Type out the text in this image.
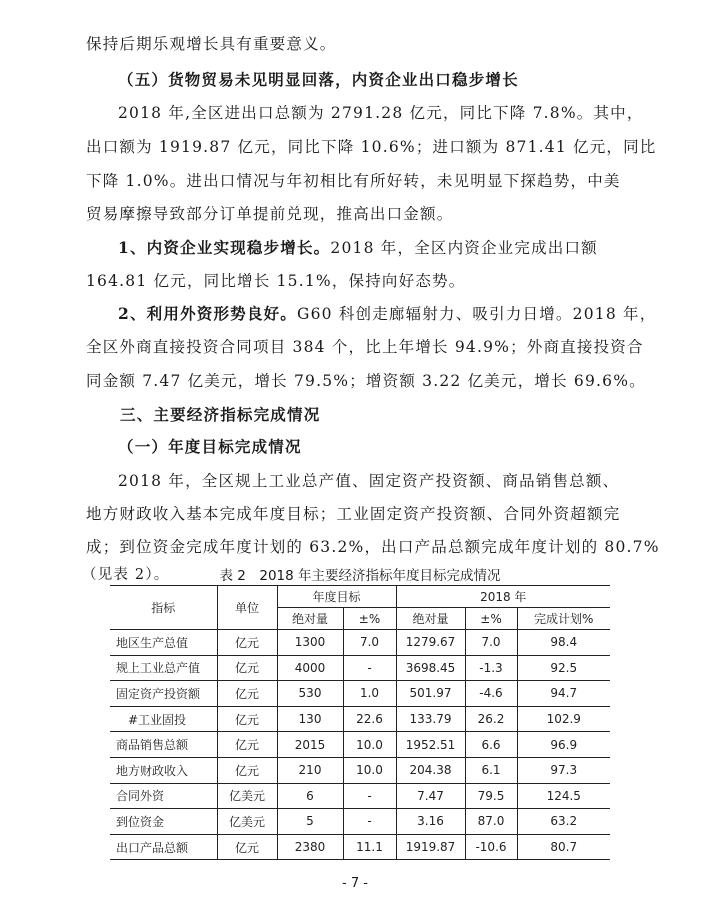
保持后期乐观增长具有重要意义。
（五）货物贸易未见明显回落，内资企业出口稳步增长
2018 年,全区进出口总额为 2791.28 亿元，同比下降 7.8%。其中，
出口额为 1919.87 亿元，同比下降 10.6%；进口额为 871.41 亿元，同比
下降 1.0%。进出口情况与年初相比有所好转，未见明显下探趋势，中美
贸易摩擦导致部分订单提前兑现，推高出口金额。
1、内资企业实现稳步增长。2018 年，全区内资企业完成出口额
164.81 亿元，同比增长 15.1%，保持向好态势。
2、利用外资形势良好。G60 科创走廊辐射力、吸引力日增。2018 年，
全区外商直接投资合同项目 384 个，比上年增长 94.9%；外商直接投资合
同金额 7.47 亿美元，增长 79.5%；增资额 3.22 亿美元，增长 69.6%。
三、主要经济指标完成情况
（一）年度目标完成情况
2018 年，全区规上工业总产值、固定资产投资额、商品销售总额、
地方财政收入基本完成年度目标；工业固定资产投资额、合同外资超额完
成；到位资金完成年度计划的 63.2%，出口产品总额完成年度计划的 80.7%
（见表 2）。	表 2　2018 年主要经济指标年度目标完成情况
指标	单位	年度目标		2018 年		
		绝对量	±%	绝对量	±%	完成计划%
地区生产总值	亿元	1300	7.0	1279.67	7.0	98.4
规上工业总产值	亿元	4000	-	3698.45	-1.3	92.5
固定资产投资额	亿元	530	1.0	501.97	-4.6	94.7
#工业固投	亿元	130	22.6	133.79	26.2	102.9
商品销售总额	亿元	2015	10.0	1952.51	6.6	96.9
地方财政收入	亿元	210	10.0	204.38	6.1	97.3
合同外资	亿美元	6	-	7.47	79.5	124.5
到位资金	亿美元	5	-	3.16	87.0	63.2
出口产品总额	亿元	2380	11.1	1919.87	-10.6	80.7
- 7 -
